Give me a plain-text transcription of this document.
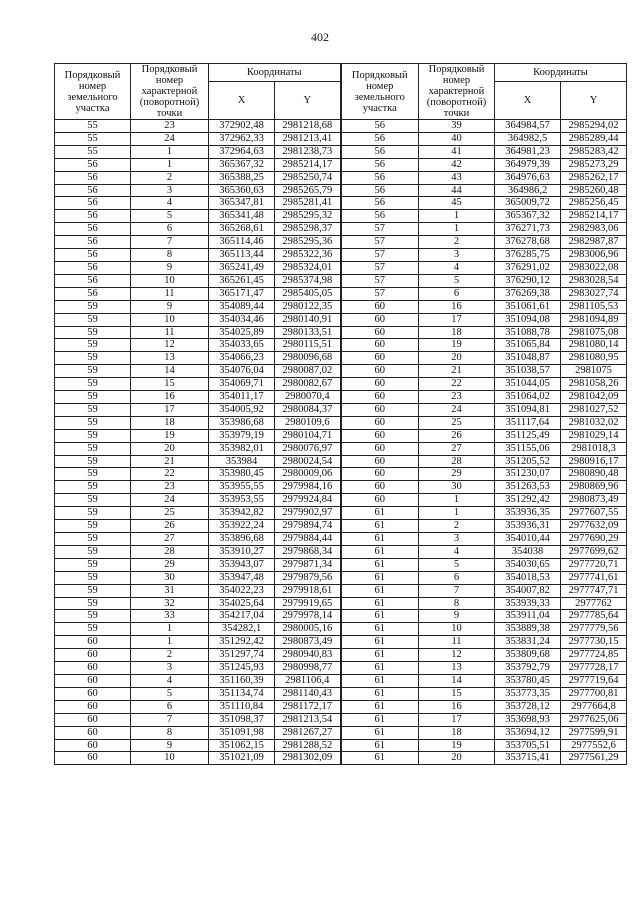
402
Порядковый номер земельного участка	Порядковый номер характерной (поворотной) точки	Координаты		Порядковый номер земельного участка	Порядковый номер характерной (поворотной) точки	Координаты	
		X	Y			X	Y
55	23	372902,48	2981218,68	56	39	364984,57	2985294,02
55	24	372962,33	2981213,41	56	40	364982,5	2985289,44
55	1	372964,63	2981238,73	56	41	364981,23	2985283,42
56	1	365367,32	2985214,17	56	42	364979,39	2985273,29
56	2	365388,25	2985250,74	56	43	364976,63	2985262,17
56	3	365360,63	2985265,79	56	44	364986,2	2985260,48
56	4	365347,81	2985281,41	56	45	365009,72	2985256,45
56	5	365341,48	2985295,32	56	1	365367,32	2985214,17
56	6	365268,61	2985298,37	57	1	376271,73	2982983,06
56	7	365114,46	2985295,36	57	2	376278,68	2982987,87
56	8	365113,44	2985322,36	57	3	376285,75	2983006,96
56	9	365241,49	2985324,01	57	4	376291,02	2983022,08
56	10	365261,45	2985374,98	57	5	376290,12	2983028,54
56	11	365171,47	2985405,05	57	6	376269,38	2983027,74
59	9	354089,44	2980122,35	60	16	351061,61	2981105,53
59	10	354034,46	2980140,91	60	17	351094,08	2981094,89
59	11	354025,89	2980133,51	60	18	351088,78	2981075,08
59	12	354033,65	2980115,51	60	19	351065,84	2981080,14
59	13	354066,23	2980096,68	60	20	351048,87	2981080,95
59	14	354076,04	2980087,02	60	21	351038,57	2981075
59	15	354069,71	2980082,67	60	22	351044,05	2981058,26
59	16	354011,17	2980070,4	60	23	351064,02	2981042,09
59	17	354005,92	2980084,37	60	24	351094,81	2981027,52
59	18	353986,68	2980109,6	60	25	351117,64	2981032,02
59	19	353979,19	2980104,71	60	26	351125,49	2981029,14
59	20	353982,01	2980076,97	60	27	351155,06	2981018,3
59	21	353984	2980024,54	60	28	351205,52	2980916,17
59	22	353980,45	2980009,06	60	29	351230,07	2980890,48
59	23	353955,55	2979984,16	60	30	351263,53	2980869,96
59	24	353953,55	2979924,84	60	1	351292,42	2980873,49
59	25	353942,82	2979902,97	61	1	353936,35	2977607,55
59	26	353922,24	2979894,74	61	2	353936,31	2977632,09
59	27	353896,68	2979884,44	61	3	354010,44	2977690,29
59	28	353910,27	2979868,34	61	4	354038	2977699,62
59	29	353943,07	2979871,34	61	5	354030,65	2977720,71
59	30	353947,48	2979879,56	61	6	354018,53	2977741,61
59	31	354022,23	2979918,61	61	7	354007,82	2977747,71
59	32	354025,64	2979919,65	61	8	353939,33	2977762
59	33	354217,04	2979978,14	61	9	353911,04	2977785,64
59	1	354282,1	2980005,16	61	10	353889,38	2977779,56
60	1	351292,42	2980873,49	61	11	353831,24	2977730,15
60	2	351297,74	2980940,83	61	12	353809,68	2977724,85
60	3	351245,93	2980998,77	61	13	353792,79	2977728,17
60	4	351160,39	2981106,4	61	14	353780,45	2977719,64
60	5	351134,74	2981140,43	61	15	353773,35	2977700,81
60	6	351110,84	2981172,17	61	16	353728,12	2977664,8
60	7	351098,37	2981213,54	61	17	353698,93	2977625,06
60	8	351091,98	2981267,27	61	18	353694,12	2977599,91
60	9	351062,15	2981288,52	61	19	353705,51	2977552,6
60	10	351021,09	2981302,09	61	20	353715,41	2977561,29
